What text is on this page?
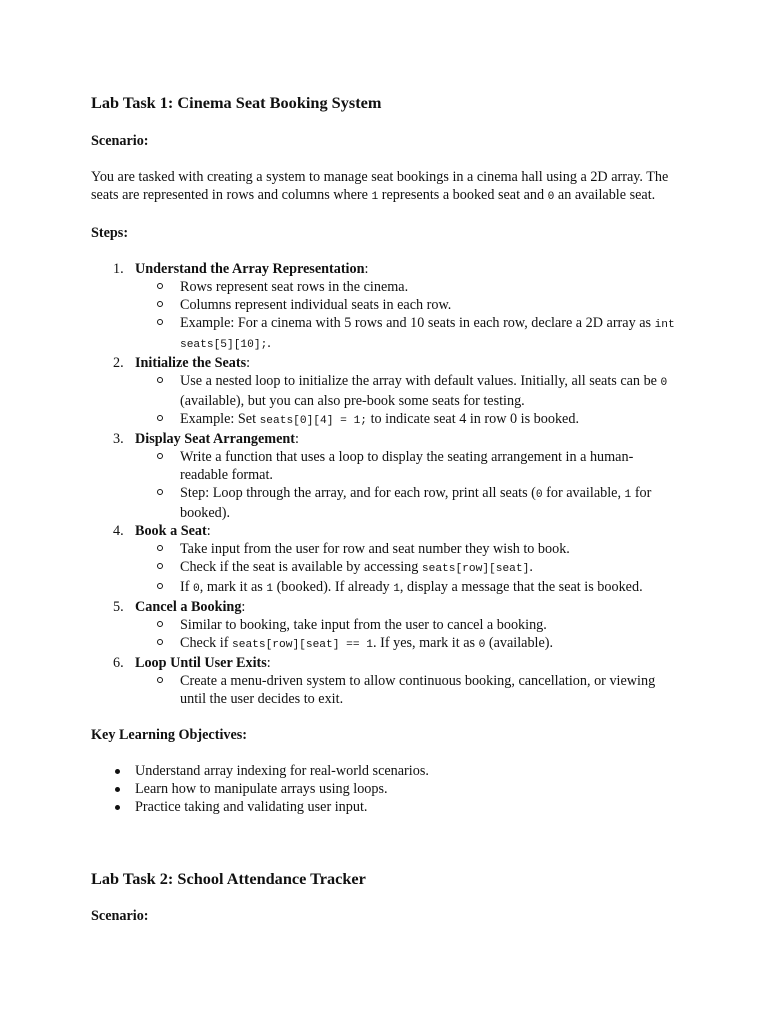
Lab Task 1: Cinema Seat Booking System

Scenario:

You are tasked with creating a system to manage seat bookings in a cinema hall using a 2D array. The seats are represented in rows and columns where 1 represents a booked seat and 0 an available seat.

Steps:

1. Understand the Array Representation:
Rows represent seat rows in the cinema.
Columns represent individual seats in each row.
Example: For a cinema with 5 rows and 10 seats in each row, declare a 2D array as int seats[5][10];.
2. Initialize the Seats:
Use a nested loop to initialize the array with default values. Initially, all seats can be 0 (available), but you can also pre-book some seats for testing.
Example: Set seats[0][4] = 1; to indicate seat 4 in row 0 is booked.
3. Display Seat Arrangement:
Write a function that uses a loop to display the seating arrangement in a human-readable format.
Step: Loop through the array, and for each row, print all seats (0 for available, 1 for booked).
4. Book a Seat:
Take input from the user for row and seat number they wish to book.
Check if the seat is available by accessing seats[row][seat].
If 0, mark it as 1 (booked). If already 1, display a message that the seat is booked.
5. Cancel a Booking:
Similar to booking, take input from the user to cancel a booking.
Check if seats[row][seat] == 1. If yes, mark it as 0 (available).
6. Loop Until User Exits:
Create a menu-driven system to allow continuous booking, cancellation, or viewing until the user decides to exit.

Key Learning Objectives:

Understand array indexing for real-world scenarios.
Learn how to manipulate arrays using loops.
Practice taking and validating user input.
Lab Task 2: School Attendance Tracker

Scenario:
